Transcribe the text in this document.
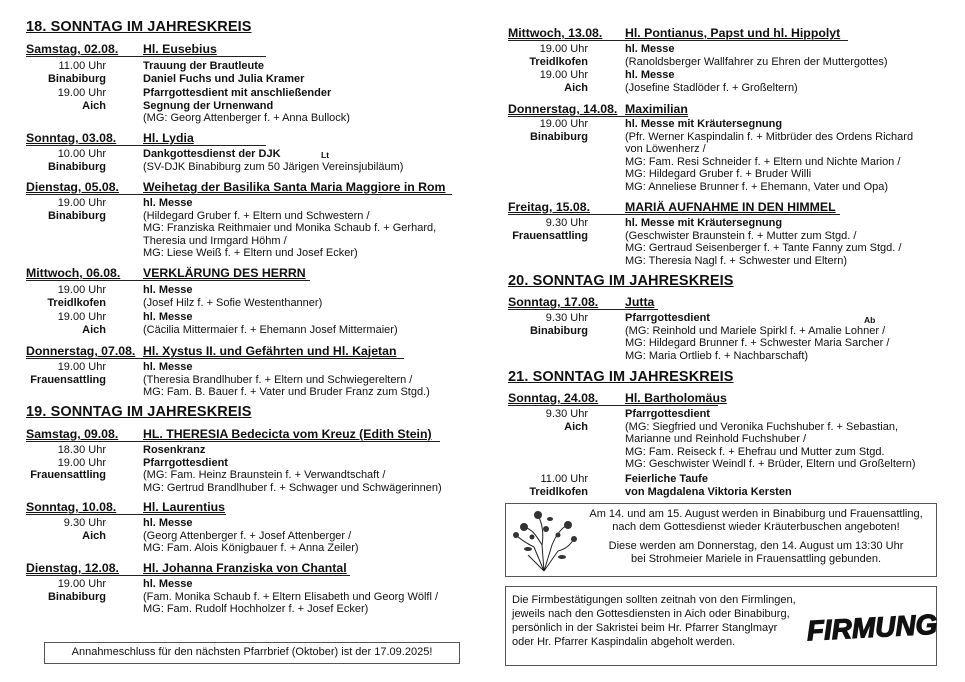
18. SONNTAG IM JAHRESKREIS
Samstag, 02.08. Hl. Eusebius
11.00 Uhr
Binabiburg
Trauung der Brautleute
Daniel Fuchs und Julia Kramer
19.00 Uhr
Aich
Pfarrgottesdient mit anschließender
Segnung der Urnenwand
(MG: Georg Attenberger f. + Anna Bullock)
Sonntag, 03.08. Hl. Lydia
10.00 Uhr
Binabiburg
Dankgottesdienst der DJK
(SV-DJK Binabiburg zum 50 Järigen Vereinsjubiläum)
Lt
Dienstag, 05.08. Weihetag der Basilika Santa Maria Maggiore in Rom
19.00 Uhr
Binabiburg
hl. Messe
(Hildegard Gruber f. + Eltern und Schwestern /
MG: Franziska Reithmaier und Monika Schaub f. + Gerhard,
Theresia und Irmgard Höhm /
MG: Liese Weiß f. + Eltern und Josef Ecker)
Mittwoch, 06.08. VERKLÄRUNG DES HERRN
19.00 Uhr
Treidlkofen
hl. Messe
(Josef Hilz f. + Sofie Westenthanner)
19.00 Uhr
Aich
hl. Messe
(Cäcilia Mittermaier f. + Ehemann Josef Mittermaier)
Donnerstag, 07.08. Hl. Xystus II. und Gefährten und Hl. Kajetan
19.00 Uhr
Frauensattling
hl. Messe
(Theresia Brandlhuber f. + Eltern und Schwiegereltern /
MG: Fam. B. Bauer f. + Vater und Bruder Franz zum Stgd.)
19. SONNTAG IM JAHRESKREIS
Samstag, 09.08. HL. THERESIA Bedecicta vom Kreuz (Edith Stein)
18.30 Uhr
19.00 Uhr
Frauensattling
Rosenkranz
Pfarrgottesdient
(MG: Fam. Heinz Braunstein f. + Verwandtschaft /
MG: Gertrud Brandlhuber f. + Schwager und Schwägerinnen)
Sonntag, 10.08. Hl. Laurentius
9.30 Uhr
Aich
hl. Messe
(Georg Attenberger f. + Josef Attenberger /
MG: Fam. Alois Königbauer f. + Anna Zeiler)
Dienstag, 12.08. Hl. Johanna Franziska von Chantal
19.00 Uhr
Binabiburg
hl. Messe
(Fam. Monika Schaub f. + Eltern Elisabeth und Georg Wölfl /
MG: Fam. Rudolf Hochholzer f. + Josef Ecker)
Annahmeschluss für den nächsten Pfarrbrief (Oktober) ist der 17.09.2025!
Mittwoch, 13.08. Hl. Pontianus, Papst und hl. Hippolyt
19.00 Uhr
Treidlkofen
hl. Messe
(Ranoldsberger Wallfahrer zu Ehren der Muttergottes)
19.00 Uhr
Aich
hl. Messe
(Josefine Stadlöder f. + Großeltern)
Donnerstag, 14.08. Maximilian
19.00 Uhr
Binabiburg
hl. Messe mit Kräutersegnung
(Pfr. Werner Kaspindalin f. + Mitbrüder des Ordens Richard
von Löwenherz /
MG: Fam. Resi Schneider f. + Eltern und Nichte Marion /
MG: Hildegard Gruber f. + Bruder Willi
MG: Anneliese Brunner f. + Ehemann, Vater und Opa)
Freitag, 15.08.	MARIÄ AUFNAHME IN DEN HIMMEL
9.30 Uhr
Frauensattling
hl. Messe mit Kräutersegnung
(Geschwister Braunstein f. + Mutter zum Stgd. /
MG: Gertraud Seisenberger f. + Tante Fanny zum Stgd. /
MG: Theresia Nagl f. + Schwester und Eltern)
20. SONNTAG IM JAHRESKREIS
Sonntag, 17.08. Jutta
9.30 Uhr
Binabiburg
Pfarrgottesdient
(MG: Reinhold und Mariele Spirkl f. + Amalie Lohner /
MG: Hildegard Brunner f. + Schwester Maria Sarcher /
MG: Maria Ortlieb f. + Nachbarschaft)
Ab
21. SONNTAG IM JAHRESKREIS
Sonntag, 24.08. Hl. Bartholomäus
9.30 Uhr
Aich
Pfarrgottesdient
(MG: Siegfried und Veronika Fuchshuber f. + Sebastian,
Marianne und Reinhold Fuchshuber /
MG: Fam. Reiseck f. + Ehefrau und Mutter zum Stgd.
MG: Geschwister Weindl f. + Brüder, Eltern und Großeltern)
11.00 Uhr
Treidlkofen
Feierliche Taufe
von Magdalena Viktoria Kersten
Am 14. und am 15. August werden in Binabiburg und Frauensattling,
nach dem Gottesdienst wieder Kräuterbuschen angeboten!
Diese werden am Donnerstag, den 14. August um 13:30 Uhr
bei Strohmeier Mariele in Frauensattling gebunden.
Die Firmbestätigungen sollten zeitnah von den Firmlingen,
jeweils nach den Gottesdiensten in Aich oder Binabiburg,
persönlich in der Sakristei beim Hr. Pfarrer Stanglmayr
oder Hr. Pfarrer Kaspindalin abgeholt werden.	FIRMUNG
